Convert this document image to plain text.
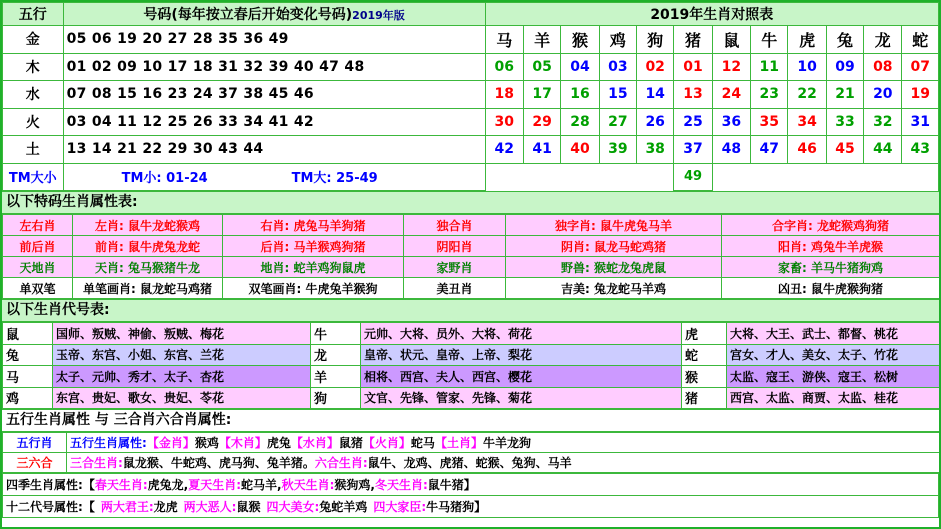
五行	号码(每年按立春后开始变化号码)2019年版	2019年生肖对照表											
金	05 06 19 20 27 28 35 36 49	马	羊	猴	鸡	狗	猪	鼠	牛	虎	兔	龙	蛇
木	01 02 09 10 17 18 31 32 39 40 47 48	06	05	04	03	02	01	12	11	10	09	08	07
水	07 08 15 16 23 24 37 38 45 46	18	17	16	15	14	13	24	23	22	21	20	19
火	03 04 11 12 25 26 33 34 41 42	30	29	28	27	26	25	36	35	34	33	32	31
土	13 14 21 22 29 30 43 44	42	41	40	39	38	37	48	47	46	45	44	43
TM大小	TM小: 01-24 TM大: 25-49						49						
以下特码生肖属性表:
左右肖	左肖: 鼠牛龙蛇猴鸡	右肖: 虎兔马羊狗猪	独合肖	独字肖: 鼠牛虎兔马羊	合字肖: 龙蛇猴鸡狗猪
前后肖	前肖: 鼠牛虎兔龙蛇	后肖: 马羊猴鸡狗猪	阴阳肖	阴肖: 鼠龙马蛇鸡猪	阳肖: 鸡兔牛羊虎猴
天地肖	天肖: 兔马猴猪牛龙	地肖: 蛇羊鸡狗鼠虎	家野肖	野兽: 猴蛇龙兔虎鼠	家畜: 羊马牛猪狗鸡
单双笔	单笔画肖: 鼠龙蛇马鸡猪	双笔画肖: 牛虎兔羊猴狗	美丑肖	吉美: 兔龙蛇马羊鸡	凶丑: 鼠牛虎猴狗猪
以下生肖代号表:
鼠	国师、叛贼、神偷、叛贼、梅花	牛	元帅、大将、员外、大将、荷花	虎	大将、大王、武士、都督、桃花
兔	玉帝、东宫、小姐、东宫、兰花	龙	皇帝、状元、皇帝、上帝、梨花	蛇	宫女、才人、美女、太子、竹花
马	太子、元帅、秀才、太子、杏花	羊	相将、西宫、夫人、西宫、樱花	猴	太监、寇王、游侠、寇王、松树
鸡	东宫、贵妃、歌女、贵妃、苓花	狗	文官、先锋、管家、先锋、菊花	猪	西宫、太监、商贾、太监、桂花
五行生肖属性 与 三合肖六合肖属性:
五行肖	五行生肖属性:【金肖】猴鸡【木肖】虎兔【水肖】鼠猪【火肖】蛇马【土肖】牛羊龙狗
三六合	三合生肖:鼠龙猴、牛蛇鸡、虎马狗、兔羊猪。六合生肖:鼠牛、龙鸡、虎猪、蛇猴、兔狗、马羊
四季生肖属性:【春天生肖:虎兔龙,夏天生肖:蛇马羊,秋天生肖:猴狗鸡,冬天生肖:鼠牛猪】
十二代号属性:【 两大君王:龙虎 两大恶人:鼠猴 四大美女:兔蛇羊鸡 四大家臣:牛马猪狗】
